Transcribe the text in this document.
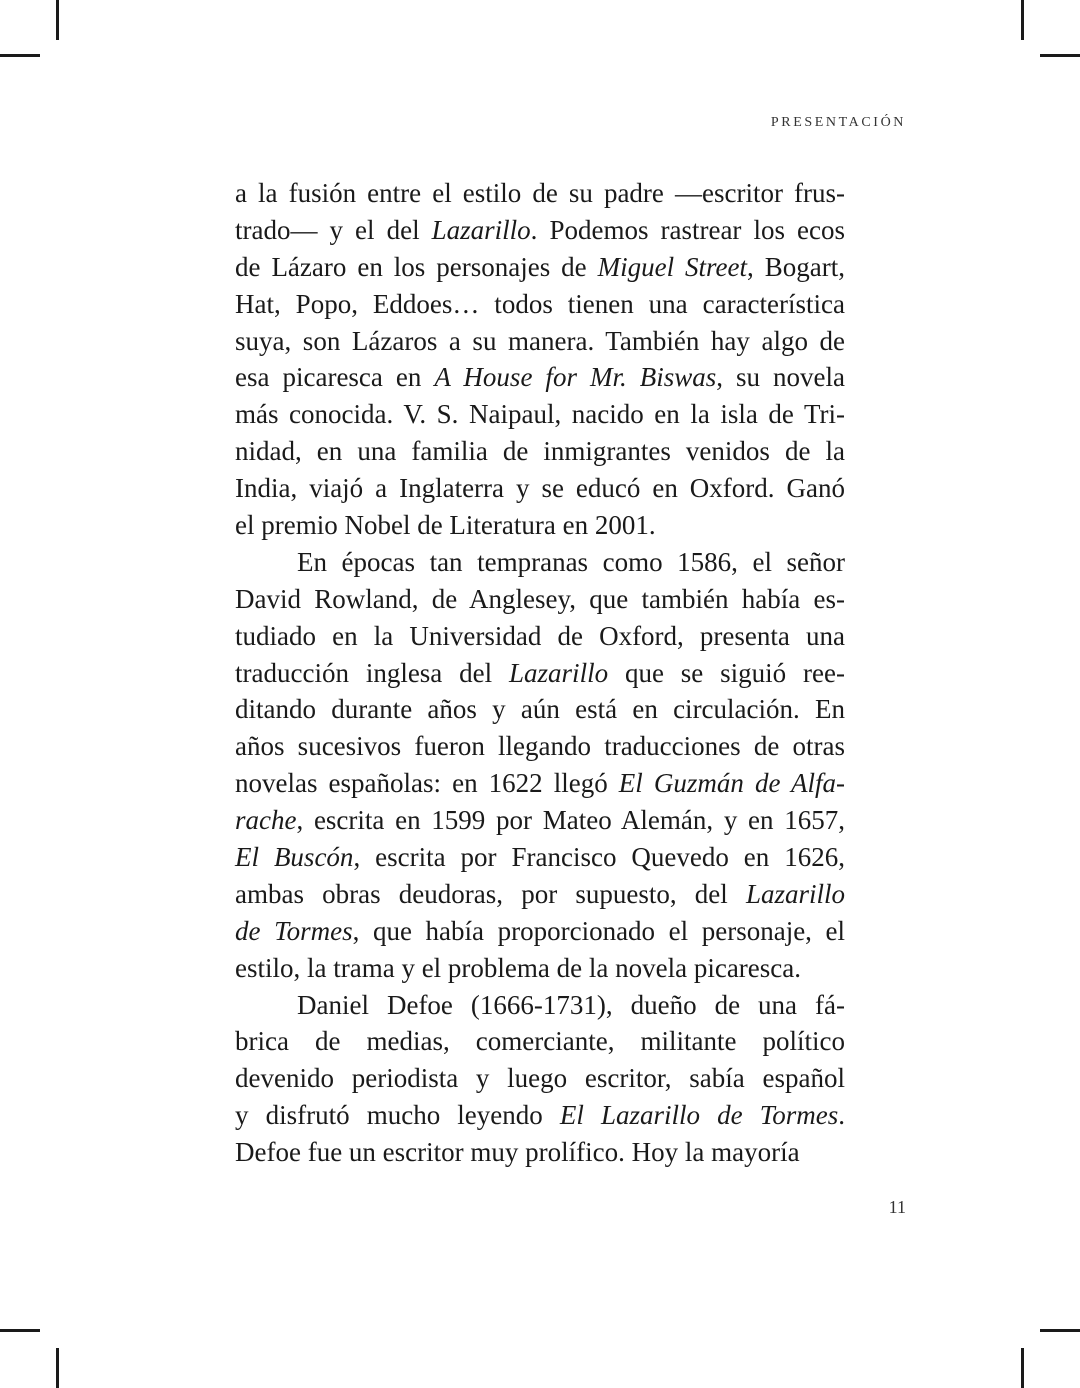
PRESENTACIÓN
a la fusión entre el estilo de su padre —escritor frus-
trado— y el del Lazarillo. Podemos rastrear los ecos
de Lázaro en los personajes de Miguel Street, Bogart,
Hat, Popo, Eddoes… todos tienen una característica
suya, son Lázaros a su manera. También hay algo de
esa picaresca en A House for Mr. Biswas, su novela
más conocida. V. S. Naipaul, nacido en la isla de Tri-
nidad, en una familia de inmigrantes venidos de la
India, viajó a Inglaterra y se educó en Oxford. Ganó
el premio Nobel de Literatura en 2001.
En épocas tan tempranas como 1586, el señor
David Rowland, de Anglesey, que también había es-
tudiado en la Universidad de Oxford, presenta una
traducción inglesa del Lazarillo que se siguió ree-
ditando durante años y aún está en circulación. En
años sucesivos fueron llegando traducciones de otras
novelas españolas: en 1622 llegó El Guzmán de Alfa-
rache, escrita en 1599 por Mateo Alemán, y en 1657,
El Buscón, escrita por Francisco Quevedo en 1626,
ambas obras deudoras, por supuesto, del Lazarillo
de Tormes, que había proporcionado el personaje, el
estilo, la trama y el problema de la novela picaresca.
Daniel Defoe (1666-1731), dueño de una fá-
brica de medias, comerciante, militante político
devenido periodista y luego escritor, sabía español
y disfrutó mucho leyendo El Lazarillo de Tormes.
Defoe fue un escritor muy prolífico. Hoy la mayoría
11
